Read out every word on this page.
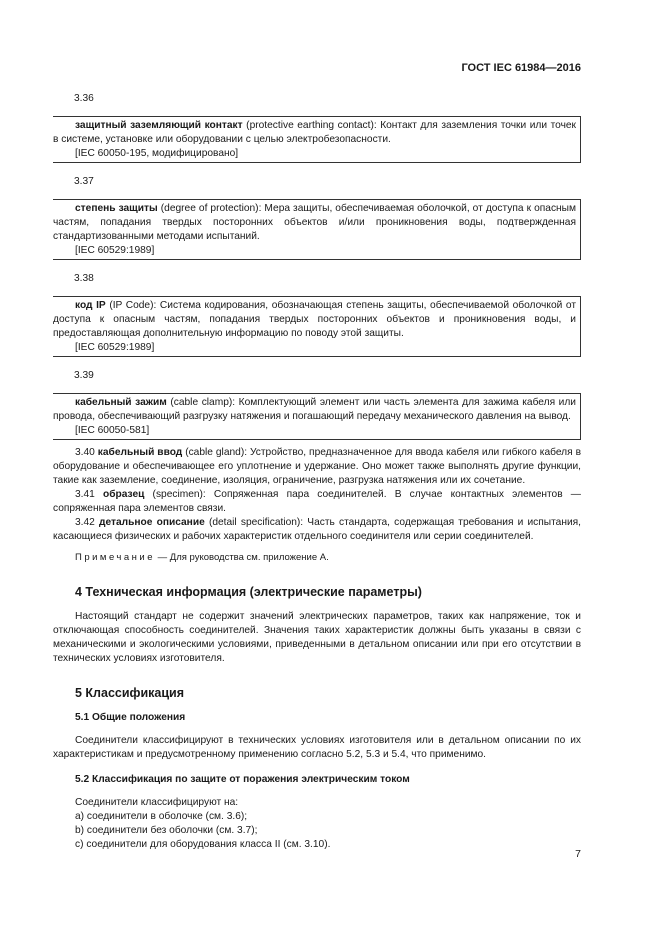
ГОСТ IEC 61984—2016
3.36
защитный заземляющий контакт (protective earthing contact): Контакт для заземления точки или точек в системе, установке или оборудовании с целью электробезопасности.
[IEC 60050-195, модифицировано]
3.37
степень защиты (degree of protection): Мера защиты, обеспечиваемая оболочкой, от доступа к опасным частям, попадания твердых посторонних объектов и/или проникновения воды, подтвержденная стандартизованными методами испытаний.
[IEC 60529:1989]
3.38
код IP (IP Code): Система кодирования, обозначающая степень защиты, обеспечиваемой оболочкой от доступа к опасным частям, попадания твердых посторонних объектов и проникновения воды, и предоставляющая дополнительную информацию по поводу этой защиты.
[IEC 60529:1989]
3.39
кабельный зажим (cable clamp): Комплектующий элемент или часть элемента для зажима кабеля или провода, обеспечивающий разгрузку натяжения и погашающий передачу механического давления на вывод.
[IEC 60050-581]

3.40 кабельный ввод (cable gland): Устройство, предназначенное для ввода кабеля или гибкого кабеля в оборудование и обеспечивающее его уплотнение и удержание. Оно может также выполнять другие функции, такие как заземление, соединение, изоляция, ограничение, разгрузка натяжения или их сочетание.

3.41 образец (specimen): Сопряженная пара соединителей. В случае контактных элементов — сопряженная пара элементов связи.

3.42 детальное описание (detail specification): Часть стандарта, содержащая требования и испытания, касающиеся физических и рабочих характеристик отдельного соединителя или серии соединителей.

Примечание — Для руководства см. приложение А.
4 Техническая информация (электрические параметры)

Настоящий стандарт не содержит значений электрических параметров, таких как напряжение, ток и отключающая способность соединителей. Значения таких характеристик должны быть указаны в связи с механическими и экологическими условиями, приведенными в детальном описании или при его отсутствии в технических условиях изготовителя.

5 Классификация
5.1 Общие положения

Соединители классифицируют в технических условиях изготовителя или в детальном описании по их характеристикам и предусмотренному применению согласно 5.2, 5.3 и 5.4, что применимо.

5.2 Классификация по защите от поражения электрическим током
Соединители классифицируют на:
а) соединители в оболочке (см. 3.6);
b) соединители без оболочки (см. 3.7);
с) соединители для оборудования класса II (см. 3.10).
7
